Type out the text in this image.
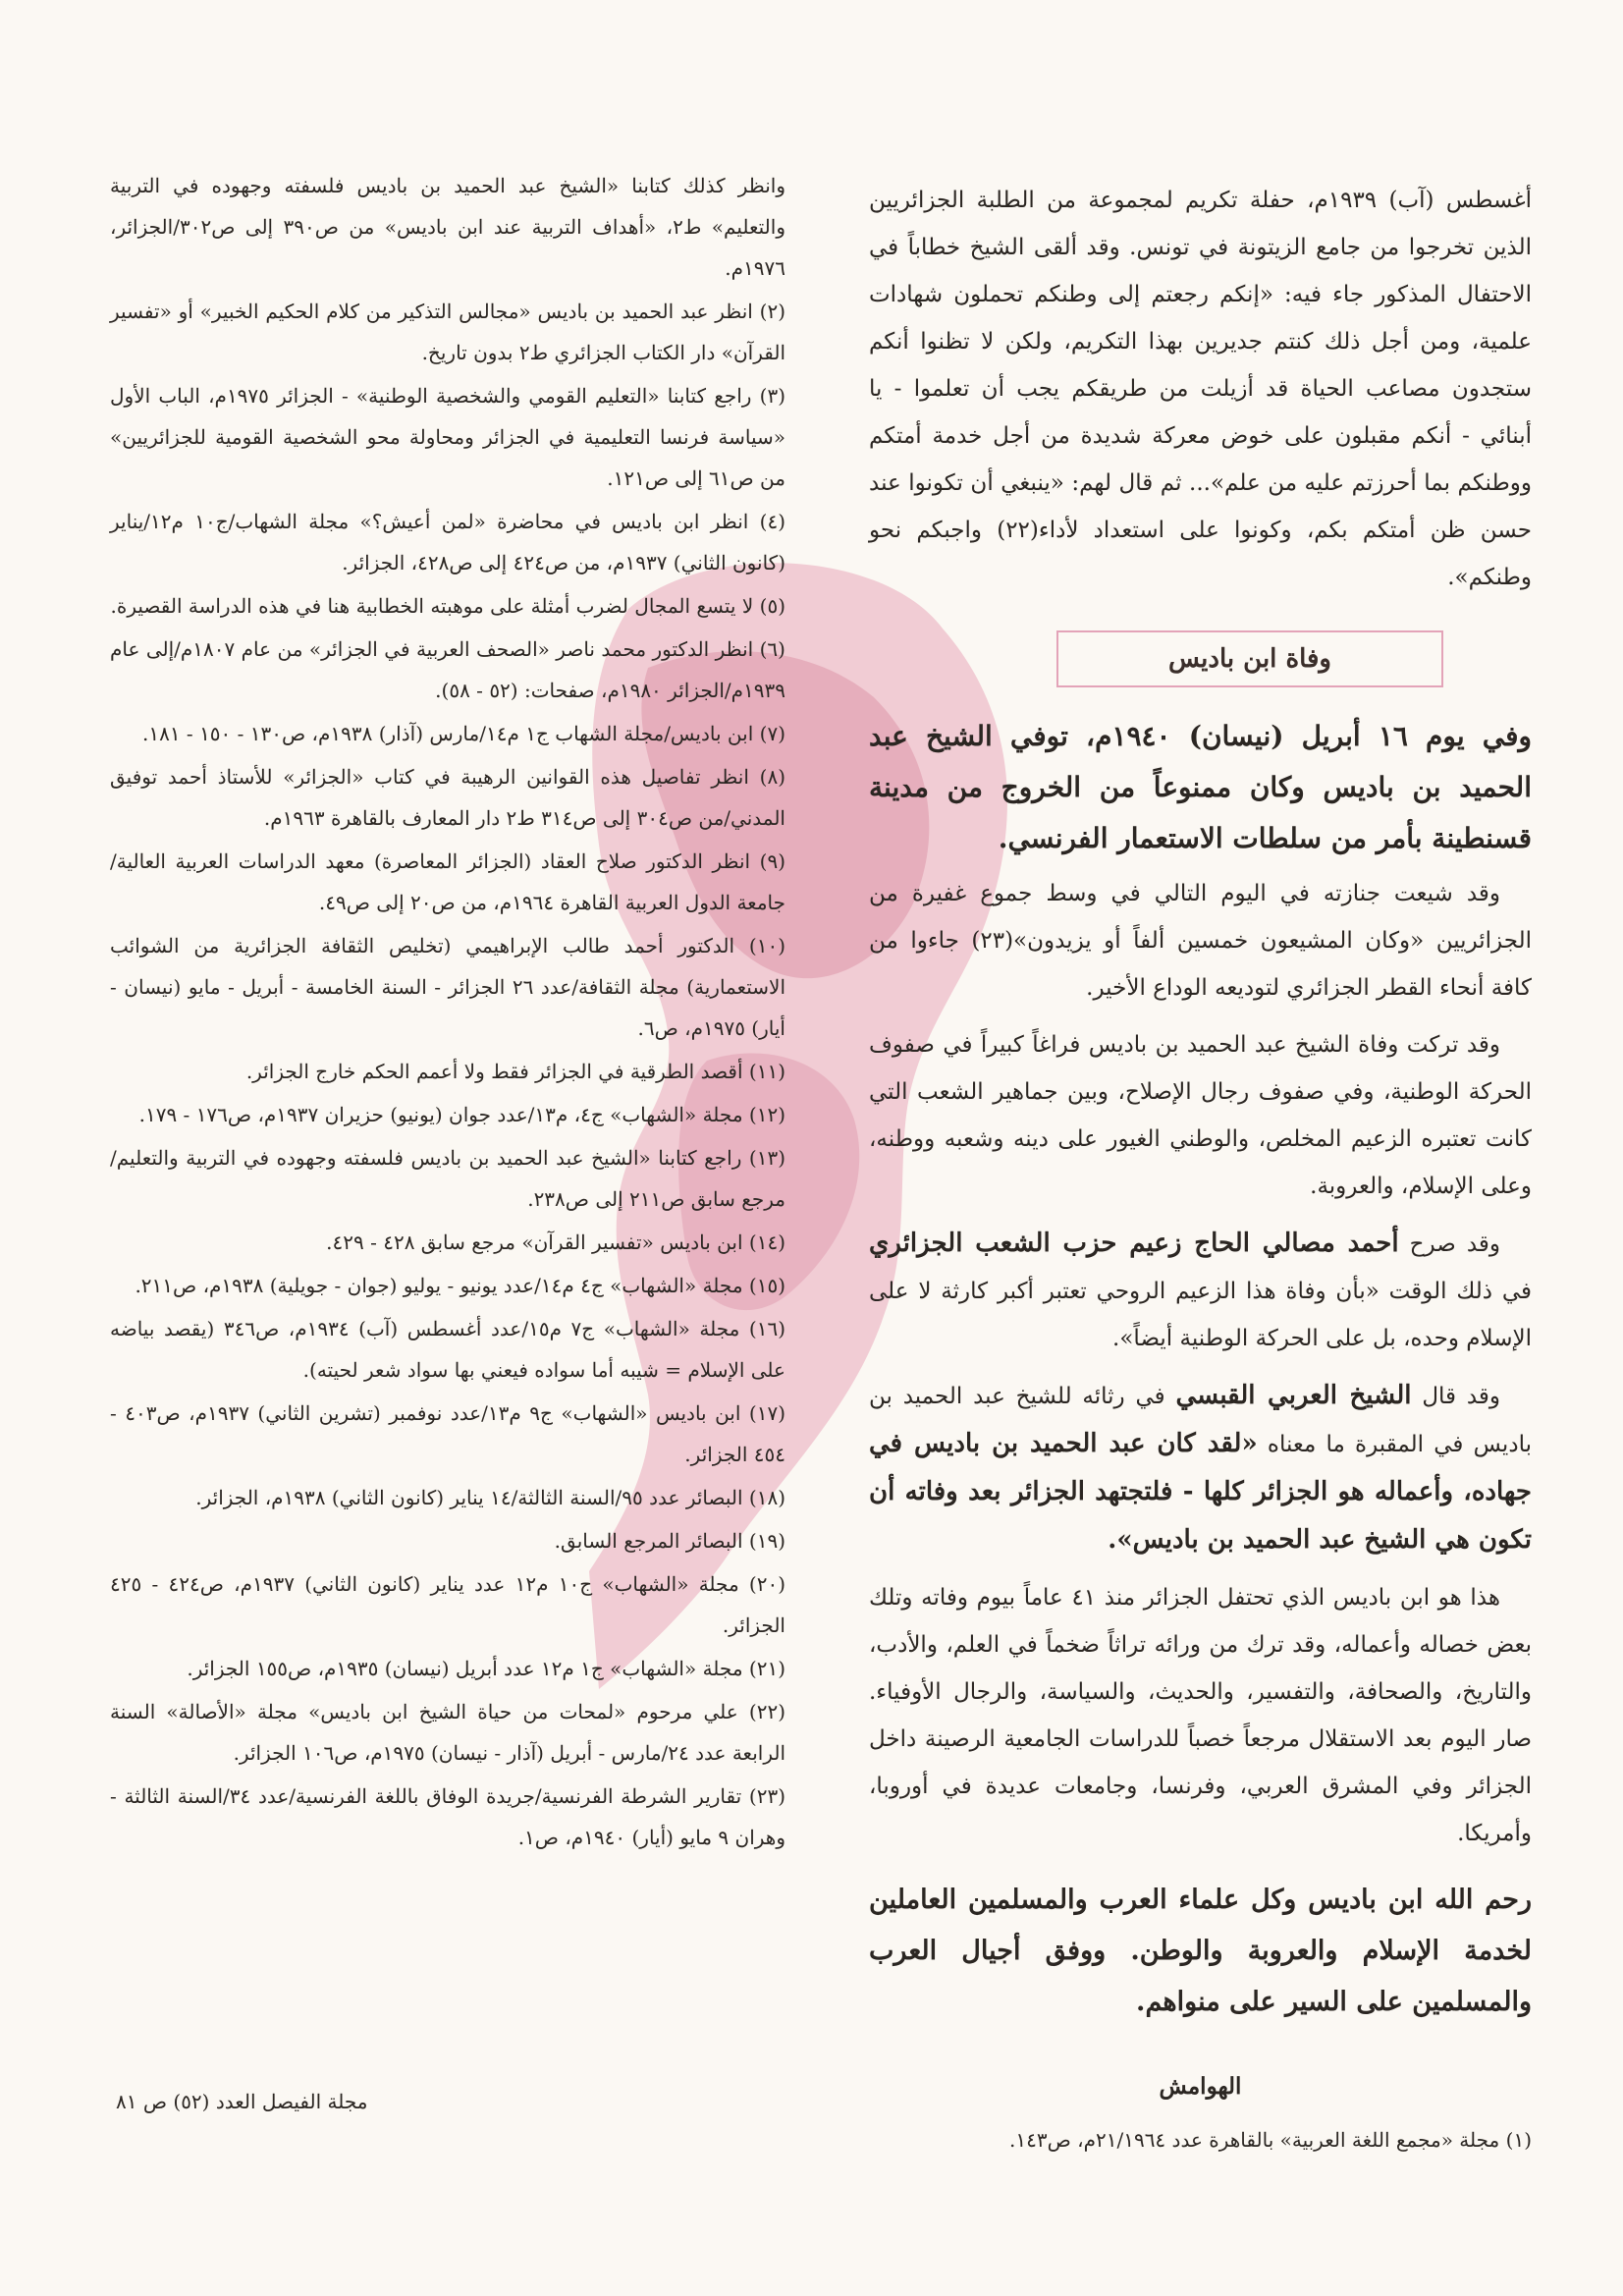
أغسطس (آب) ١٩٣٩م، حفلة تكريم لمجموعة من الطلبة الجزائريين الذين تخرجوا من جامع الزيتونة في تونس. وقد ألقى الشيخ خطاباً في الاحتفال المذكور جاء فيه: «إنكم رجعتم إلى وطنكم تحملون شهادات علمية، ومن أجل ذلك كنتم جديرين بهذا التكريم، ولكن لا تظنوا أنكم ستجدون مصاعب الحياة قد أزيلت من طريقكم يجب أن تعلموا - يا أبنائي - أنكم مقبلون على خوض معركة شديدة من أجل خدمة أمتكم ووطنكم بما أحرزتم عليه من علم»... ثم قال لهم: «ينبغي أن تكونوا عند حسن ظن أمتكم بكم، وكونوا على استعداد لأداء(٢٢) واجبكم نحو وطنكم».

وفاة ابن باديس

وفي يوم ١٦ أبريل (نيسان) ١٩٤٠م، توفي الشيخ عبد الحميد بن باديس وكان ممنوعاً من الخروج من مدينة قسنطينة بأمر من سلطات الاستعمار الفرنسي.

وقد شيعت جنازته في اليوم التالي في وسط جموع غفيرة من الجزائريين «وكان المشيعون خمسين ألفاً أو يزيدون»(٢٣) جاءوا من كافة أنحاء القطر الجزائري لتوديعه الوداع الأخير.

وقد تركت وفاة الشيخ عبد الحميد بن باديس فراغاً كبيراً في صفوف الحركة الوطنية، وفي صفوف رجال الإصلاح، وبين جماهير الشعب التي كانت تعتبره الزعيم المخلص، والوطني الغيور على دينه وشعبه ووطنه، وعلى الإسلام، والعروبة.

وقد صرح أحمد مصالي الحاج زعيم حزب الشعب الجزائري في ذلك الوقت «بأن وفاة هذا الزعيم الروحي تعتبر أكبر كارثة لا على الإسلام وحده، بل على الحركة الوطنية أيضاً».

وقد قال الشيخ العربي القبسي في رثائه للشيخ عبد الحميد بن باديس في المقبرة ما معناه «لقد كان عبد الحميد بن باديس في جهاده، وأعماله هو الجزائر كلها - فلتجتهد الجزائر بعد وفاته أن تكون هي الشيخ عبد الحميد بن باديس».

هذا هو ابن باديس الذي تحتفل الجزائر منذ ٤١ عاماً بيوم وفاته وتلك بعض خصاله وأعماله، وقد ترك من ورائه تراثاً ضخماً في العلم، والأدب، والتاريخ، والصحافة، والتفسير، والحديث، والسياسة، والرجال الأوفياء. صار اليوم بعد الاستقلال مرجعاً خصباً للدراسات الجامعية الرصينة داخل الجزائر وفي المشرق العربي، وفرنسا، وجامعات عديدة في أوروبا، وأمريكا.

رحم الله ابن باديس وكل علماء العرب والمسلمين العاملين لخدمة الإسلام والعروبة والوطن. ووفق أجيال العرب والمسلمين على السير على منواهم.

الهوامش

(١) مجلة «مجمع اللغة العربية» بالقاهرة عدد ٢١/١٩٦٤م، ص١٤٣.

وانظر كذلك كتابنا «الشيخ عبد الحميد بن باديس فلسفته وجهوده في التربية والتعليم» ط٢، «أهداف التربية عند ابن باديس» من ص٣٩٠ إلى ص٣٠٢/الجزائر، ١٩٧٦م.
(٢) انظر عبد الحميد بن باديس «مجالس التذكير من كلام الحكيم الخبير» أو «تفسير القرآن» دار الكتاب الجزائري ط٢ بدون تاريخ.
(٣) راجع كتابنا «التعليم القومي والشخصية الوطنية» - الجزائر ١٩٧٥م، الباب الأول «سياسة فرنسا التعليمية في الجزائر ومحاولة محو الشخصية القومية للجزائريين» من ص٦١ إلى ص١٢١.
(٤) انظر ابن باديس في محاضرة «لمن أعيش؟» مجلة الشهاب/ج١٠ م١٢/يناير (كانون الثاني) ١٩٣٧م، من ص٤٢٤ إلى ص٤٢٨، الجزائر.
(٥) لا يتسع المجال لضرب أمثلة على موهبته الخطابية هنا في هذه الدراسة القصيرة.
(٦) انظر الدكتور محمد ناصر «الصحف العربية في الجزائر» من عام ١٨٠٧م/إلى عام ١٩٣٩م/الجزائر ١٩٨٠م، صفحات: (٥٢ - ٥٨).
(٧) ابن باديس/مجلة الشهاب ج١ م١٤/مارس (آذار) ١٩٣٨م، ص١٣٠ - ١٥٠ - ١٨١.
(٨) انظر تفاصيل هذه القوانين الرهيبة في كتاب «الجزائر» للأستاذ أحمد توفيق المدني/من ص٣٠٤ إلى ص٣١٤ ط٢ دار المعارف بالقاهرة ١٩٦٣م.
(٩) انظر الدكتور صلاح العقاد (الجزائر المعاصرة) معهد الدراسات العربية العالية/جامعة الدول العربية القاهرة ١٩٦٤م، من ص٢٠ إلى ص٤٩.
(١٠) الدكتور أحمد طالب الإبراهيمي (تخليص الثقافة الجزائرية من الشوائب الاستعمارية) مجلة الثقافة/عدد ٢٦ الجزائر - السنة الخامسة - أبريل - مايو (نيسان - أيار) ١٩٧٥م، ص٦.
(١١) أقصد الطرقية في الجزائر فقط ولا أعمم الحكم خارج الجزائر.
(١٢) مجلة «الشهاب» ج٤، م١٣/عدد جوان (يونيو) حزيران ١٩٣٧م، ص١٧٦ - ١٧٩.
(١٣) راجع كتابنا «الشيخ عبد الحميد بن باديس فلسفته وجهوده في التربية والتعليم/مرجع سابق ص٢١١ إلى ص٢٣٨.
(١٤) ابن باديس «تفسير القرآن» مرجع سابق ٤٢٨ - ٤٢٩.
(١٥) مجلة «الشهاب» ج٤ م١٤/عدد يونيو - يوليو (جوان - جويلية) ١٩٣٨م، ص٢١١.
(١٦) مجلة «الشهاب» ج٧ م١٥/عدد أغسطس (آب) ١٩٣٤م، ص٣٤٦ (يقصد بياضه على الإسلام = شيبه أما سواده فيعني بها سواد شعر لحيته).
(١٧) ابن باديس «الشهاب» ج٩ م١٣/عدد نوفمبر (تشرين الثاني) ١٩٣٧م، ص٤٠٣ - ٤٥٤ الجزائر.
(١٨) البصائر عدد ٩٥/السنة الثالثة/١٤ يناير (كانون الثاني) ١٩٣٨م، الجزائر.
(١٩) البصائر المرجع السابق.
(٢٠) مجلة «الشهاب» ج١٠ م١٢ عدد يناير (كانون الثاني) ١٩٣٧م، ص٤٢٤ - ٤٢٥ الجزائر.
(٢١) مجلة «الشهاب» ج١ م١٢ عدد أبريل (نيسان) ١٩٣٥م، ص١٥٥ الجزائر.
(٢٢) علي مرحوم «لمحات من حياة الشيخ ابن باديس» مجلة «الأصالة» السنة الرابعة عدد ٢٤/مارس - أبريل (آذار - نيسان) ١٩٧٥م، ص١٠٦ الجزائر.
(٢٣) تقارير الشرطة الفرنسية/جريدة الوفاق باللغة الفرنسية/عدد ٣٤/السنة الثالثة - وهران ٩ مايو (أيار) ١٩٤٠م، ص١.
مجلة الفيصل العدد (٥٢) ص ٨١
